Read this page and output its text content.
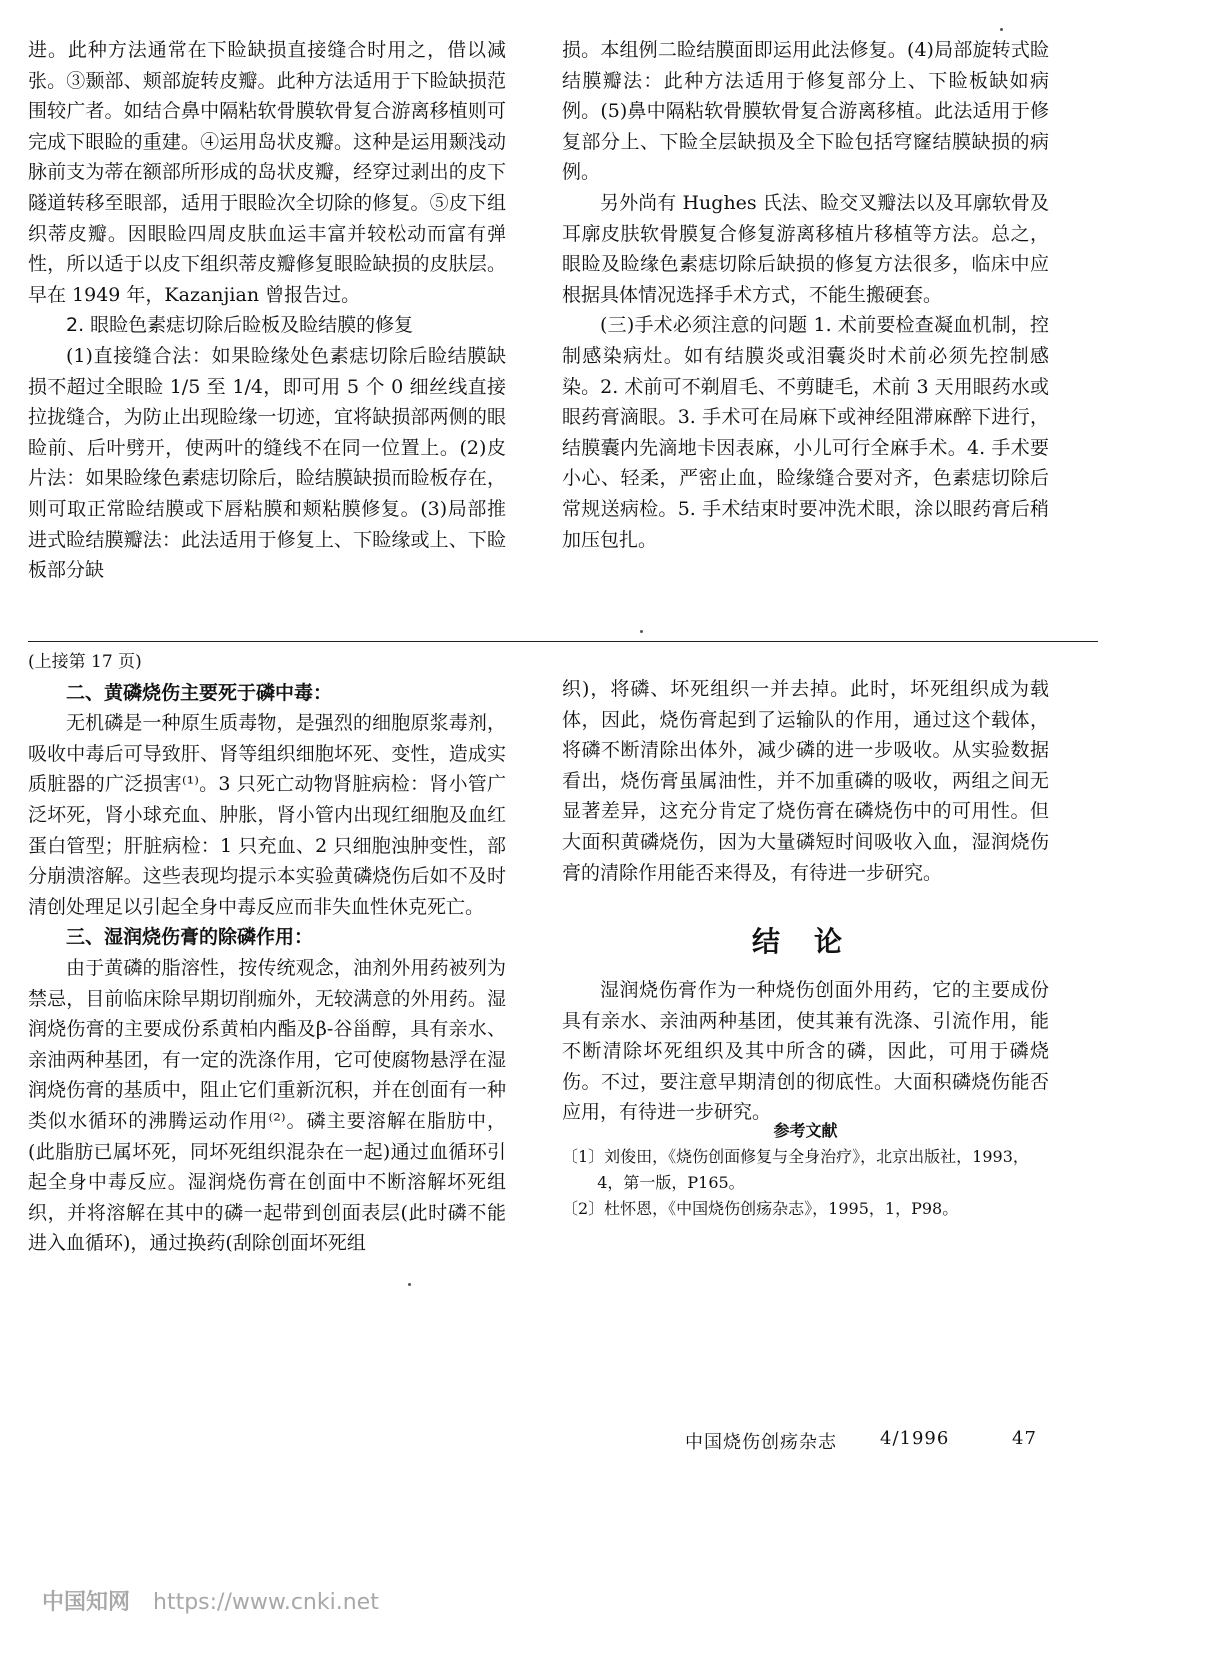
进。此种方法通常在下睑缺损直接缝合时用之，借以减张。③颞部、颊部旋转皮瓣。此种方法适用于下睑缺损范围较广者。如结合鼻中隔粘软骨膜软骨复合游离移植则可完成下眼睑的重建。④运用岛状皮瓣。这种是运用颞浅动脉前支为蒂在额部所形成的岛状皮瓣，经穿过剥出的皮下隧道转移至眼部，适用于眼睑次全切除的修复。⑤皮下组织蒂皮瓣。因眼睑四周皮肤血运丰富并较松动而富有弹性，所以适于以皮下组织蒂皮瓣修复眼睑缺损的皮肤层。早在 1949 年，Kazanjian 曾报告过。

2. 眼睑色素痣切除后睑板及睑结膜的修复

(1)直接缝合法：如果睑缘处色素痣切除后睑结膜缺损不超过全眼睑 1/5 至 1/4，即可用 5 个 0 细丝线直接拉拢缝合，为防止出现睑缘一切迹，宜将缺损部两侧的眼睑前、后叶劈开，使两叶的缝线不在同一位置上。(2)皮片法：如果睑缘色素痣切除后，睑结膜缺损而睑板存在，则可取正常睑结膜或下唇粘膜和颊粘膜修复。(3)局部推进式睑结膜瓣法：此法适用于修复上、下睑缘或上、下睑板部分缺

损。本组例二睑结膜面即运用此法修复。(4)局部旋转式睑结膜瓣法：此种方法适用于修复部分上、下睑板缺如病例。(5)鼻中隔粘软骨膜软骨复合游离移植。此法适用于修复部分上、下睑全层缺损及全下睑包括穹窿结膜缺损的病例。

另外尚有 Hughes 氏法、睑交叉瓣法以及耳廓软骨及耳廓皮肤软骨膜复合修复游离移植片移植等方法。总之，眼睑及睑缘色素痣切除后缺损的修复方法很多，临床中应根据具体情况选择手术方式，不能生搬硬套。

(三)手术必须注意的问题 1. 术前要检查凝血机制，控制感染病灶。如有结膜炎或泪囊炎时术前必须先控制感染。2. 术前可不剃眉毛、不剪睫毛，术前 3 天用眼药水或眼药膏滴眼。3. 手术可在局麻下或神经阻滞麻醉下进行，结膜囊内先滴地卡因表麻，小儿可行全麻手术。4. 手术要小心、轻柔，严密止血，睑缘缝合要对齐，色素痣切除后常规送病检。5. 手术结束时要冲洗术眼，涂以眼药膏后稍加压包扎。

(上接第 17 页)

二、黄磷烧伤主要死于磷中毒：

无机磷是一种原生质毒物，是强烈的细胞原浆毒剂，吸收中毒后可导致肝、肾等组织细胞坏死、变性，造成实质脏器的广泛损害⁽¹⁾。3 只死亡动物肾脏病检：肾小管广泛坏死，肾小球充血、肿胀，肾小管内出现红细胞及血红蛋白管型；肝脏病检：1 只充血、2 只细胞浊肿变性，部分崩溃溶解。这些表现均提示本实验黄磷烧伤后如不及时清创处理足以引起全身中毒反应而非失血性休克死亡。

三、湿润烧伤膏的除磷作用：

由于黄磷的脂溶性，按传统观念，油剂外用药被列为禁忌，目前临床除早期切削痂外，无较满意的外用药。湿润烧伤膏的主要成份系黄柏内酯及β-谷甾醇，具有亲水、亲油两种基团，有一定的洗涤作用，它可使腐物悬浮在湿润烧伤膏的基质中，阻止它们重新沉积，并在创面有一种类似水循环的沸腾运动作用⁽²⁾。磷主要溶解在脂肪中，(此脂肪已属坏死，同坏死组织混杂在一起)通过血循环引起全身中毒反应。湿润烧伤膏在创面中不断溶解坏死组织，并将溶解在其中的磷一起带到创面表层(此时磷不能进入血循环)，通过换药(刮除创面坏死组

织)，将磷、坏死组织一并去掉。此时，坏死组织成为载体，因此，烧伤膏起到了运输队的作用，通过这个载体，将磷不断清除出体外，减少磷的进一步吸收。从实验数据看出，烧伤膏虽属油性，并不加重磷的吸收，两组之间无显著差异，这充分肯定了烧伤膏在磷烧伤中的可用性。但大面积黄磷烧伤，因为大量磷短时间吸收入血，湿润烧伤膏的清除作用能否来得及，有待进一步研究。

结论

湿润烧伤膏作为一种烧伤创面外用药，它的主要成份具有亲水、亲油两种基团，使其兼有洗涤、引流作用，能不断清除坏死组织及其中所含的磷，因此，可用于磷烧伤。不过，要注意早期清创的彻底性。大面积磷烧伤能否应用，有待进一步研究。

参考文献

〔1〕刘俊田，《烧伤创面修复与全身治疗》，北京出版社，1993，4，第一版，P165。

〔2〕杜怀恩，《中国烧伤创疡杂志》，1995，1，P98。

中国烧伤创疡杂志 4/1996	47
中国知网 https://www.cnki.net
